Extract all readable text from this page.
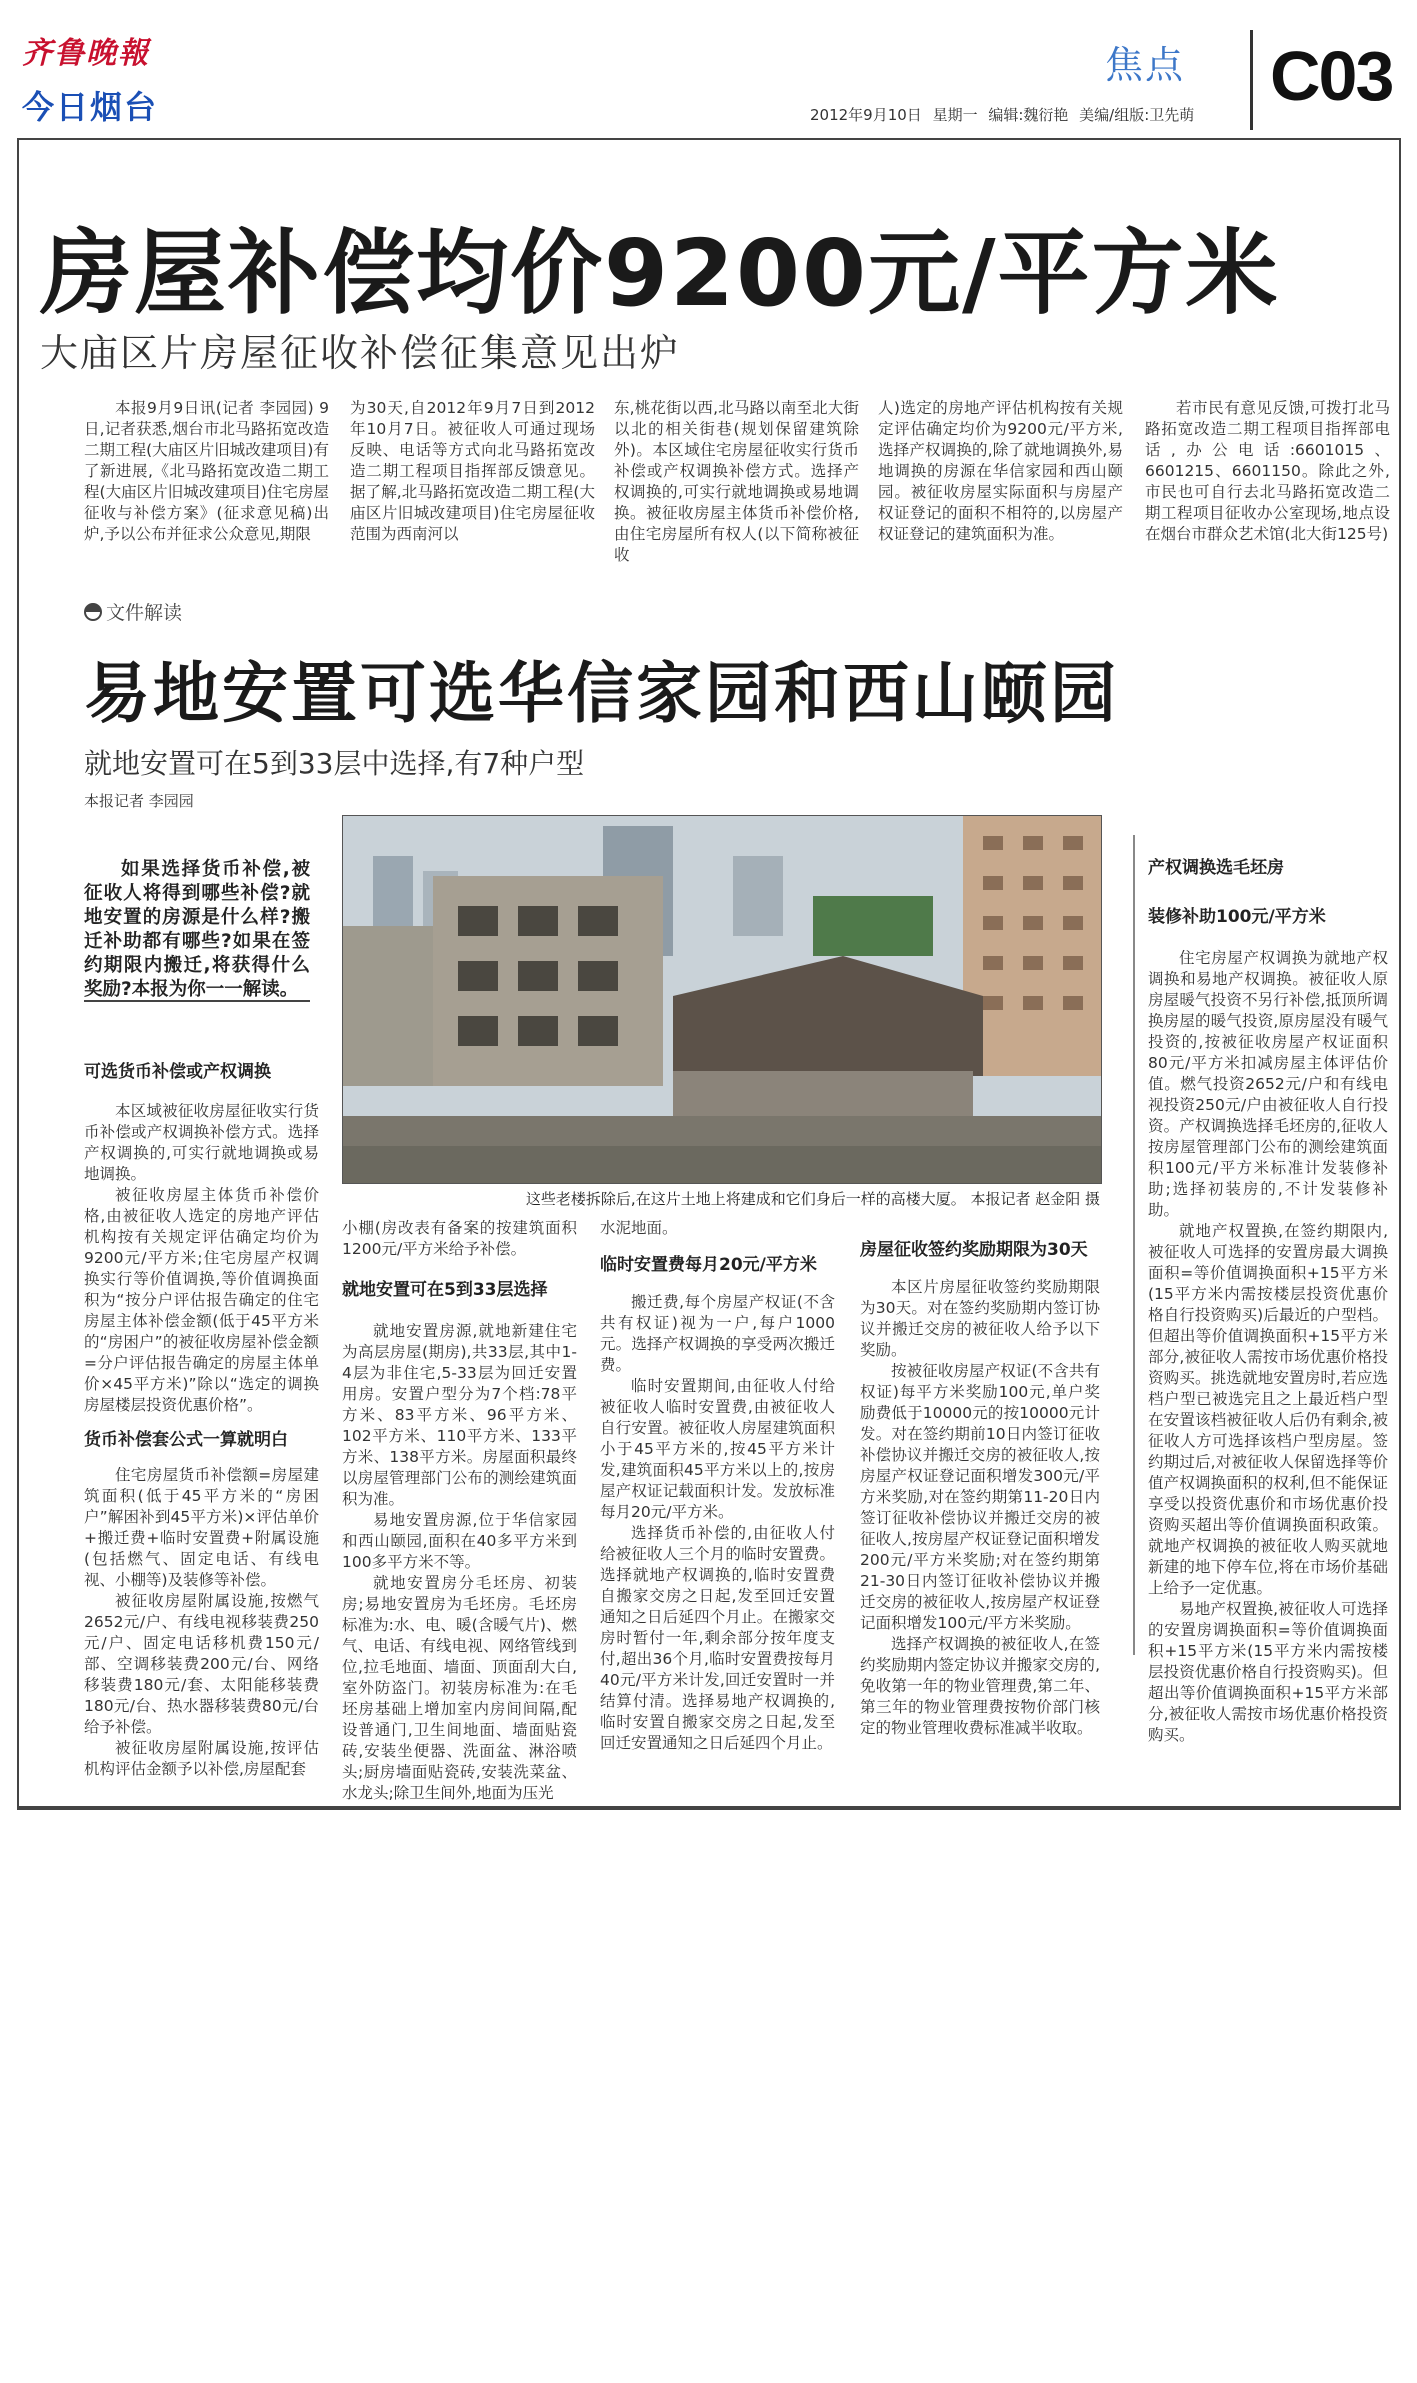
齐鲁晚報
今日烟台
焦点 C03
2012年9月10日 星期一 编辑:魏衍艳 美编/组版:卫先萌
房屋补偿均价9200元/平方米
大庙区片房屋征收补偿征集意见出炉

本报9月9日讯(记者 李园园) 9日,记者获悉,烟台市北马路拓宽改造二期工程(大庙区片旧城改建项目)有了新进展,《北马路拓宽改造二期工程(大庙区片旧城改建项目)住宅房屋征收与补偿方案》(征求意见稿)出炉,予以公布并征求公众意见,期限

为30天,自2012年9月7日到2012年10月7日。被征收人可通过现场反映、电话等方式向北马路拓宽改造二期工程项目指挥部反馈意见。据了解,北马路拓宽改造二期工程(大庙区片旧城改建项目)住宅房屋征收范围为西南河以

东,桃花街以西,北马路以南至北大街以北的相关街巷(规划保留建筑除外)。本区域住宅房屋征收实行货币补偿或产权调换补偿方式。选择产权调换的,可实行就地调换或易地调换。被征收房屋主体货币补偿价格,由住宅房屋所有权人(以下简称被征收

人)选定的房地产评估机构按有关规定评估确定均价为9200元/平方米,选择产权调换的,除了就地调换外,易地调换的房源在华信家园和西山颐园。被征收房屋实际面积与房屋产权证登记的面积不相符的,以房屋产权证登记的建筑面积为准。

若市民有意见反馈,可拨打北马路拓宽改造二期工程项目指挥部电话,办公电话:6601015、6601215、6601150。除此之外,市民也可自行去北马路拓宽改造二期工程项目征收办公室现场,地点设在烟台市群众艺术馆(北大街125号)

文件解读
易地安置可选华信家园和西山颐园
就地安置可在5到33层中选择,有7种户型
本报记者 李园园

如果选择货币补偿,被征收人将得到哪些补偿?就地安置的房源是什么样?搬迁补助都有哪些?如果在签约期限内搬迁,将获得什么奖励?本报为你一一解读。

这些老楼拆除后,在这片土地上将建成和它们身后一样的高楼大厦。 本报记者 赵金阳 摄
可选货币补偿或产权调换

本区域被征收房屋征收实行货币补偿或产权调换补偿方式。选择产权调换的,可实行就地调换或易地调换。

被征收房屋主体货币补偿价格,由被征收人选定的房地产评估机构按有关规定评估确定均价为9200元/平方米;住宅房屋产权调换实行等价值调换,等价值调换面积为“按分户评估报告确定的住宅房屋主体补偿金额(低于45平方米的“房困户”的被征收房屋补偿金额=分户评估报告确定的房屋主体单价×45平方米)”除以“选定的调换房屋楼层投资优惠价格”。

货币补偿套公式一算就明白

住宅房屋货币补偿额=房屋建筑面积(低于45平方米的“房困户”解困补到45平方米)×评估单价+搬迁费+临时安置费+附属设施(包括燃气、固定电话、有线电视、小棚等)及装修等补偿。

被征收房屋附属设施,按燃气2652元/户、有线电视移装费250元/户、固定电话移机费150元/部、空调移装费200元/台、网络移装费180元/套、太阳能移装费180元/台、热水器移装费80元/台给予补偿。

被征收房屋附属设施,按评估机构评估金额予以补偿,房屋配套

小棚(房改表有备案的按建筑面积1200元/平方米给予补偿。

就地安置可在5到33层选择

就地安置房源,就地新建住宅为高层房屋(期房),共33层,其中1-4层为非住宅,5-33层为回迁安置用房。安置户型分为7个档:78平方米、83平方米、96平方米、102平方米、110平方米、133平方米、138平方米。房屋面积最终以房屋管理部门公布的测绘建筑面积为准。

易地安置房源,位于华信家园和西山颐园,面积在40多平方米到100多平方米不等。

就地安置房分毛坯房、初装房;易地安置房为毛坯房。毛坯房标准为:水、电、暖(含暖气片)、燃气、电话、有线电视、网络管线到位,拉毛地面、墙面、顶面刮大白,室外防盗门。初装房标准为:在毛坯房基础上增加室内房间间隔,配设普通门,卫生间地面、墙面贴瓷砖,安装坐便器、洗面盆、淋浴喷头;厨房墙面贴瓷砖,安装洗菜盆、水龙头;除卫生间外,地面为压光

水泥地面。

临时安置费每月20元/平方米

搬迁费,每个房屋产权证(不含共有权证)视为一户,每户1000元。选择产权调换的享受两次搬迁费。

临时安置期间,由征收人付给被征收人临时安置费,由被征收人自行安置。被征收人房屋建筑面积小于45平方米的,按45平方米计发,建筑面积45平方米以上的,按房屋产权证记载面积计发。发放标准每月20元/平方米。

选择货币补偿的,由征收人付给被征收人三个月的临时安置费。选择就地产权调换的,临时安置费自搬家交房之日起,发至回迁安置通知之日后延四个月止。在搬家交房时暂付一年,剩余部分按年度支付,超出36个月,临时安置费按每月40元/平方米计发,回迁安置时一并结算付清。选择易地产权调换的,临时安置自搬家交房之日起,发至回迁安置通知之日后延四个月止。

房屋征收签约奖励期限为30天

本区片房屋征收签约奖励期限为30天。对在签约奖励期内签订协议并搬迁交房的被征收人给予以下奖励。

按被征收房屋产权证(不含共有权证)每平方米奖励100元,单户奖励费低于10000元的按10000元计发。对在签约期前10日内签订征收补偿协议并搬迁交房的被征收人,按房屋产权证登记面积增发300元/平方米奖励,对在签约期第11-20日内签订征收补偿协议并搬迁交房的被征收人,按房屋产权证登记面积增发200元/平方米奖励;对在签约期第21-30日内签订征收补偿协议并搬迁交房的被征收人,按房屋产权证登记面积增发100元/平方米奖励。

选择产权调换的被征收人,在签约奖励期内签定协议并搬家交房的,免收第一年的物业管理费,第二年、第三年的物业管理费按物价部门核定的物业管理收费标准减半收取。

产权调换选毛坯房
装修补助100元/平方米

住宅房屋产权调换为就地产权调换和易地产权调换。被征收人原房屋暖气投资不另行补偿,抵顶所调换房屋的暖气投资,原房屋没有暖气投资的,按被征收房屋产权证面积80元/平方米扣减房屋主体评估价值。燃气投资2652元/户和有线电视投资250元/户由被征收人自行投资。产权调换选择毛坯房的,征收人按房屋管理部门公布的测绘建筑面积100元/平方米标准计发装修补助;选择初装房的,不计发装修补助。

就地产权置换,在签约期限内,被征收人可选择的安置房最大调换面积=等价值调换面积+15平方米(15平方米内需按楼层投资优惠价格自行投资购买)后最近的户型档。但超出等价值调换面积+15平方米部分,被征收人需按市场优惠价格投资购买。挑选就地安置房时,若应选档户型已被选完且之上最近档户型在安置该档被征收人后仍有剩余,被征收人方可选择该档户型房屋。签约期过后,对被征收人保留选择等价值产权调换面积的权利,但不能保证享受以投资优惠价和市场优惠价投资购买超出等价值调换面积政策。就地产权调换的被征收人购买就地新建的地下停车位,将在市场价基础上给予一定优惠。

易地产权置换,被征收人可选择的安置房调换面积=等价值调换面积+15平方米(15平方米内需按楼层投资优惠价格自行投资购买)。但超出等价值调换面积+15平方米部分,被征收人需按市场优惠价格投资购买。
